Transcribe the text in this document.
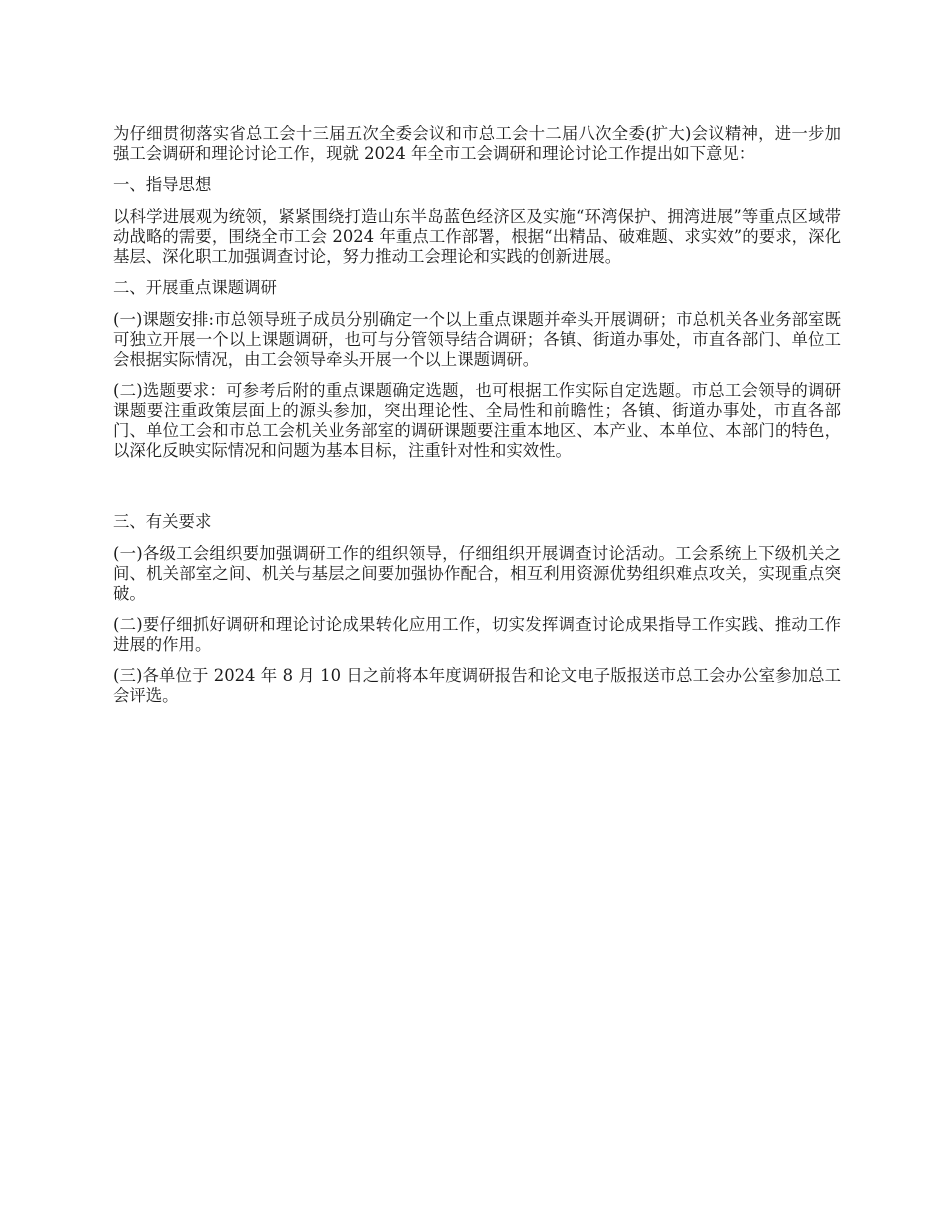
为仔细贯彻落实省总工会十三届五次全委会议和市总工会十二届八次全委(扩大)会议精神，进一步加强工会调研和理论讨论工作，现就 2024 年全市工会调研和理论讨论工作提出如下意见：

一、指导思想

以科学进展观为统领，紧紧围绕打造山东半岛蓝色经济区及实施“环湾保护、拥湾进展”等重点区域带动战略的需要，围绕全市工会 2024 年重点工作部署，根据“出精品、破难题、求实效”的要求，深化基层、深化职工加强调查讨论，努力推动工会理论和实践的创新进展。

二、开展重点课题调研

(一)课题安排:市总领导班子成员分别确定一个以上重点课题并牵头开展调研；市总机关各业务部室既可独立开展一个以上课题调研，也可与分管领导结合调研；各镇、街道办事处，市直各部门、单位工会根据实际情况，由工会领导牵头开展一个以上课题调研。

(二)选题要求：可参考后附的重点课题确定选题，也可根据工作实际自定选题。市总工会领导的调研课题要注重政策层面上的源头参加，突出理论性、全局性和前瞻性；各镇、街道办事处，市直各部门、单位工会和市总工会机关业务部室的调研课题要注重本地区、本产业、本单位、本部门的特色，以深化反映实际情况和问题为基本目标，注重针对性和实效性。

三、有关要求

(一)各级工会组织要加强调研工作的组织领导，仔细组织开展调查讨论活动。工会系统上下级机关之间、机关部室之间、机关与基层之间要加强协作配合，相互利用资源优势组织难点攻关，实现重点突破。

(二)要仔细抓好调研和理论讨论成果转化应用工作，切实发挥调查讨论成果指导工作实践、推动工作进展的作用。

(三)各单位于 2024 年 8 月 10 日之前将本年度调研报告和论文电子版报送市总工会办公室参加总工会评选。
